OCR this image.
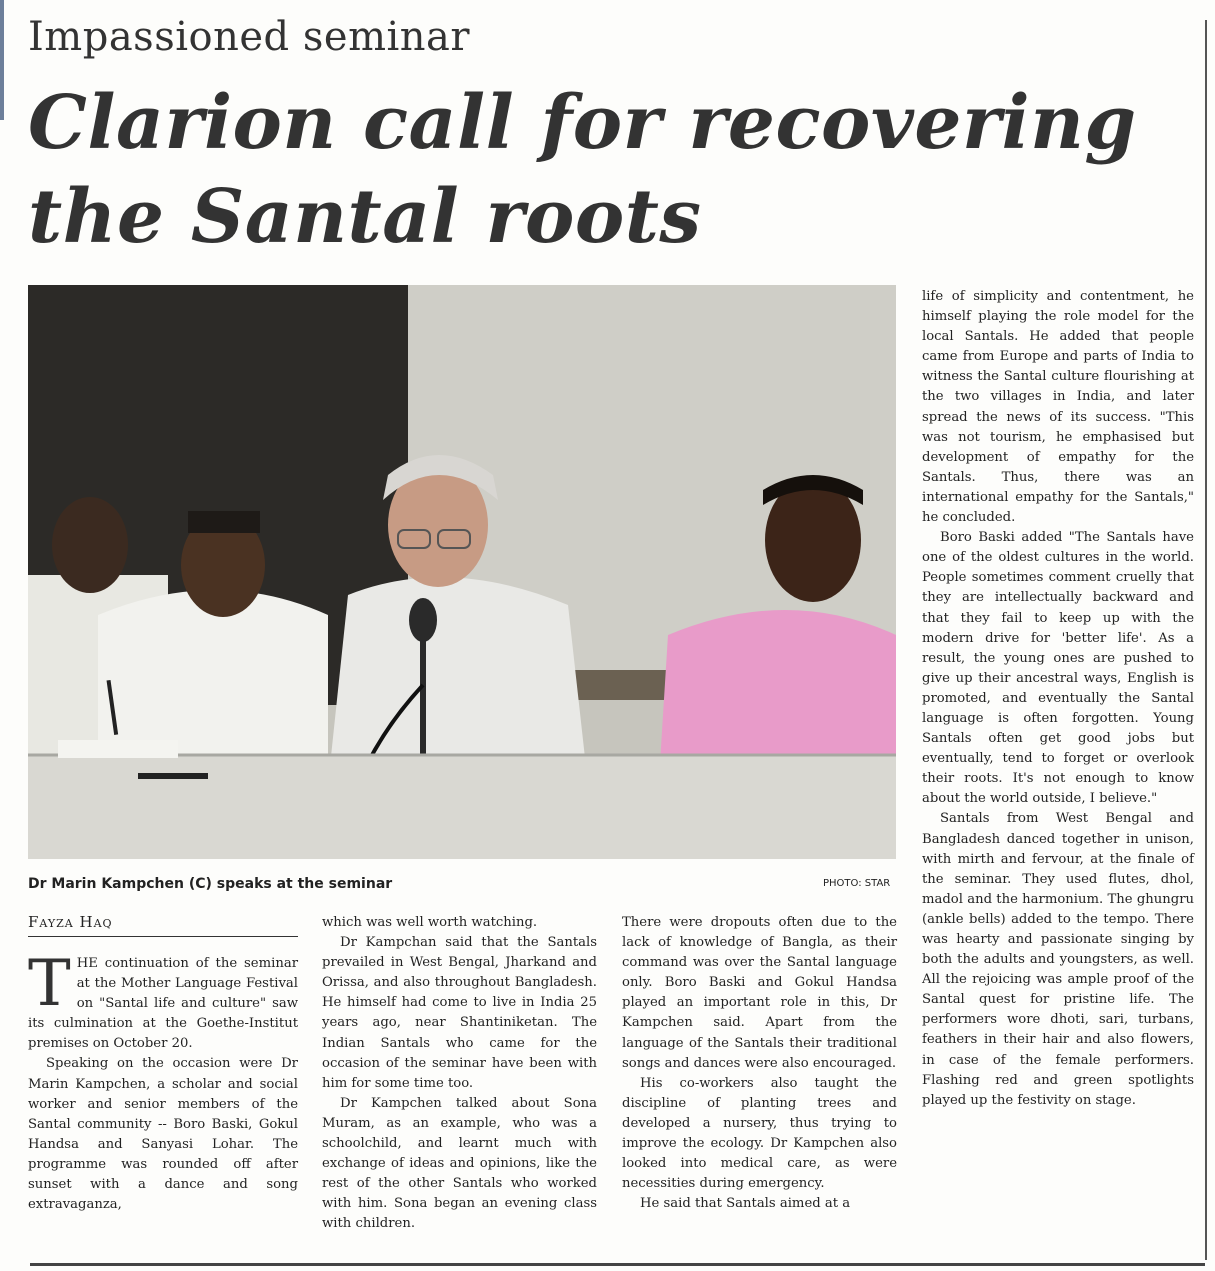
Impassioned seminar
Clarion call for recovering the Santal roots
Dr Marin Kampchen (C) speaks at the seminar	PHOTO: STAR
Fayza Haq

THE continuation of the seminar at the Mother Language Festival on "Santal life and culture" saw its culmination at the Goethe-Institut premises on October 20.

Speaking on the occasion were Dr Marin Kampchen, a scholar and social worker and senior members of the Santal community -- Boro Baski, Gokul Handsa and Sanyasi Lohar. The programme was rounded off after sunset with a dance and song extravaganza,

which was well worth watching.

Dr Kampchan said that the Santals prevailed in West Bengal, Jharkand and Orissa, and also throughout Bangladesh. He himself had come to live in India 25 years ago, near Shantiniketan. The Indian Santals who came for the occasion of the seminar have been with him for some time too.

Dr Kampchen talked about Sona Muram, as an example, who was a schoolchild, and learnt much with exchange of ideas and opinions, like the rest of the other Santals who worked with him. Sona began an evening class with children.

There were dropouts often due to the lack of knowledge of Bangla, as their command was over the Santal language only. Boro Baski and Gokul Handsa played an important role in this, Dr Kampchen said. Apart from the language of the Santals their traditional songs and dances were also encouraged.

His co-workers also taught the discipline of planting trees and developed a nursery, thus trying to improve the ecology. Dr Kampchen also looked into medical care, as were necessities during emergency.

He said that Santals aimed at a

life of simplicity and contentment, he himself playing the role model for the local Santals. He added that people came from Europe and parts of India to witness the Santal culture flourishing at the two villages in India, and later spread the news of its success. "This was not tourism, he emphasised but development of empathy for the Santals. Thus, there was an international empathy for the Santals," he concluded.

Boro Baski added "The Santals have one of the oldest cultures in the world. People sometimes comment cruelly that they are intellectually backward and that they fail to keep up with the modern drive for 'better life'. As a result, the young ones are pushed to give up their ancestral ways, English is promoted, and eventually the Santal language is often forgotten. Young Santals often get good jobs but eventually, tend to forget or overlook their roots. It's not enough to know about the world outside, I believe."

Santals from West Bengal and Bangladesh danced together in unison, with mirth and fervour, at the finale of the seminar. They used flutes, dhol, madol and the harmonium. The ghungru (ankle bells) added to the tempo. There was hearty and passionate singing by both the adults and youngsters, as well. All the rejoicing was ample proof of the Santal quest for pristine life. The performers wore dhoti, sari, turbans, feathers in their hair and also flowers, in case of the female performers. Flashing red and green spotlights played up the festivity on stage.
